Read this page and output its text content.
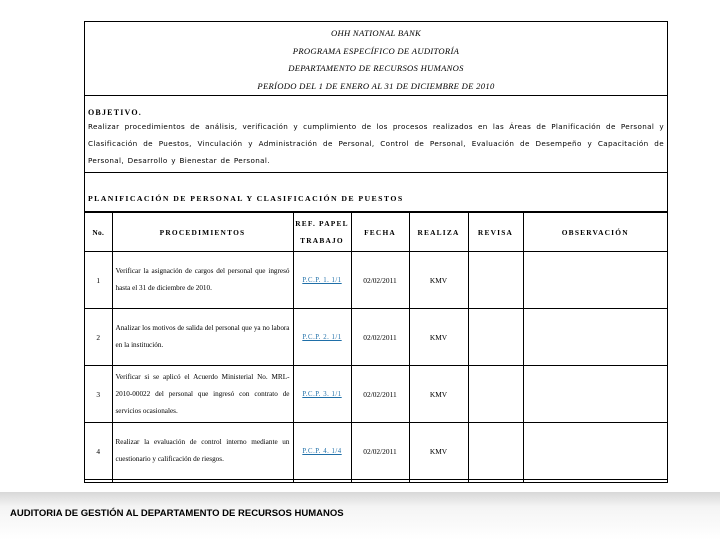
OHH NATIONAL BANK
PROGRAMA ESPECÍFICO DE AUDITORÍA
DEPARTAMENTO DE RECURSOS HUMANOS
PERÍODO DEL 1 DE ENERO AL 31 DE DICIEMBRE DE 2010
OBJETIVO.
Realizar procedimientos de análisis, verificación y cumplimiento de los procesos realizados en las Áreas de Planificación de Personal y Clasificación de Puestos, Vinculación y Administración de Personal, Control de Personal, Evaluación de Desempeño y Capacitación de Personal, Desarrollo y Bienestar de Personal.
PLANIFICACIÓN DE PERSONAL Y CLASIFICACIÓN DE PUESTOS
No.	PROCEDIMIENTOS	REF. PAPEL TRABAJO	FECHA	REALIZA	REVISA	OBSERVACIÓN
1	Verificar la asignación de cargos del personal que ingresó hasta el 31 de diciembre de 2010.	P.C.P. 1. 1/1	02/02/2011	KMV		
2	Analizar los motivos de salida del personal que ya no labora en la institución.	P.C.P. 2. 1/1	02/02/2011	KMV		
3	Verificar si se aplicó el Acuerdo Ministerial No. MRL-2010-00022 del personal que ingresó con contrato de servicios ocasionales.	P.C.P. 3. 1/1	02/02/2011	KMV		
4	Realizar la evaluación de control interno mediante un cuestionario y calificación de riesgos.	P.C.P. 4. 1/4	02/02/2011	KMV		

AUDITORIA DE GESTIÓN AL DEPARTAMENTO DE RECURSOS HUMANOS
